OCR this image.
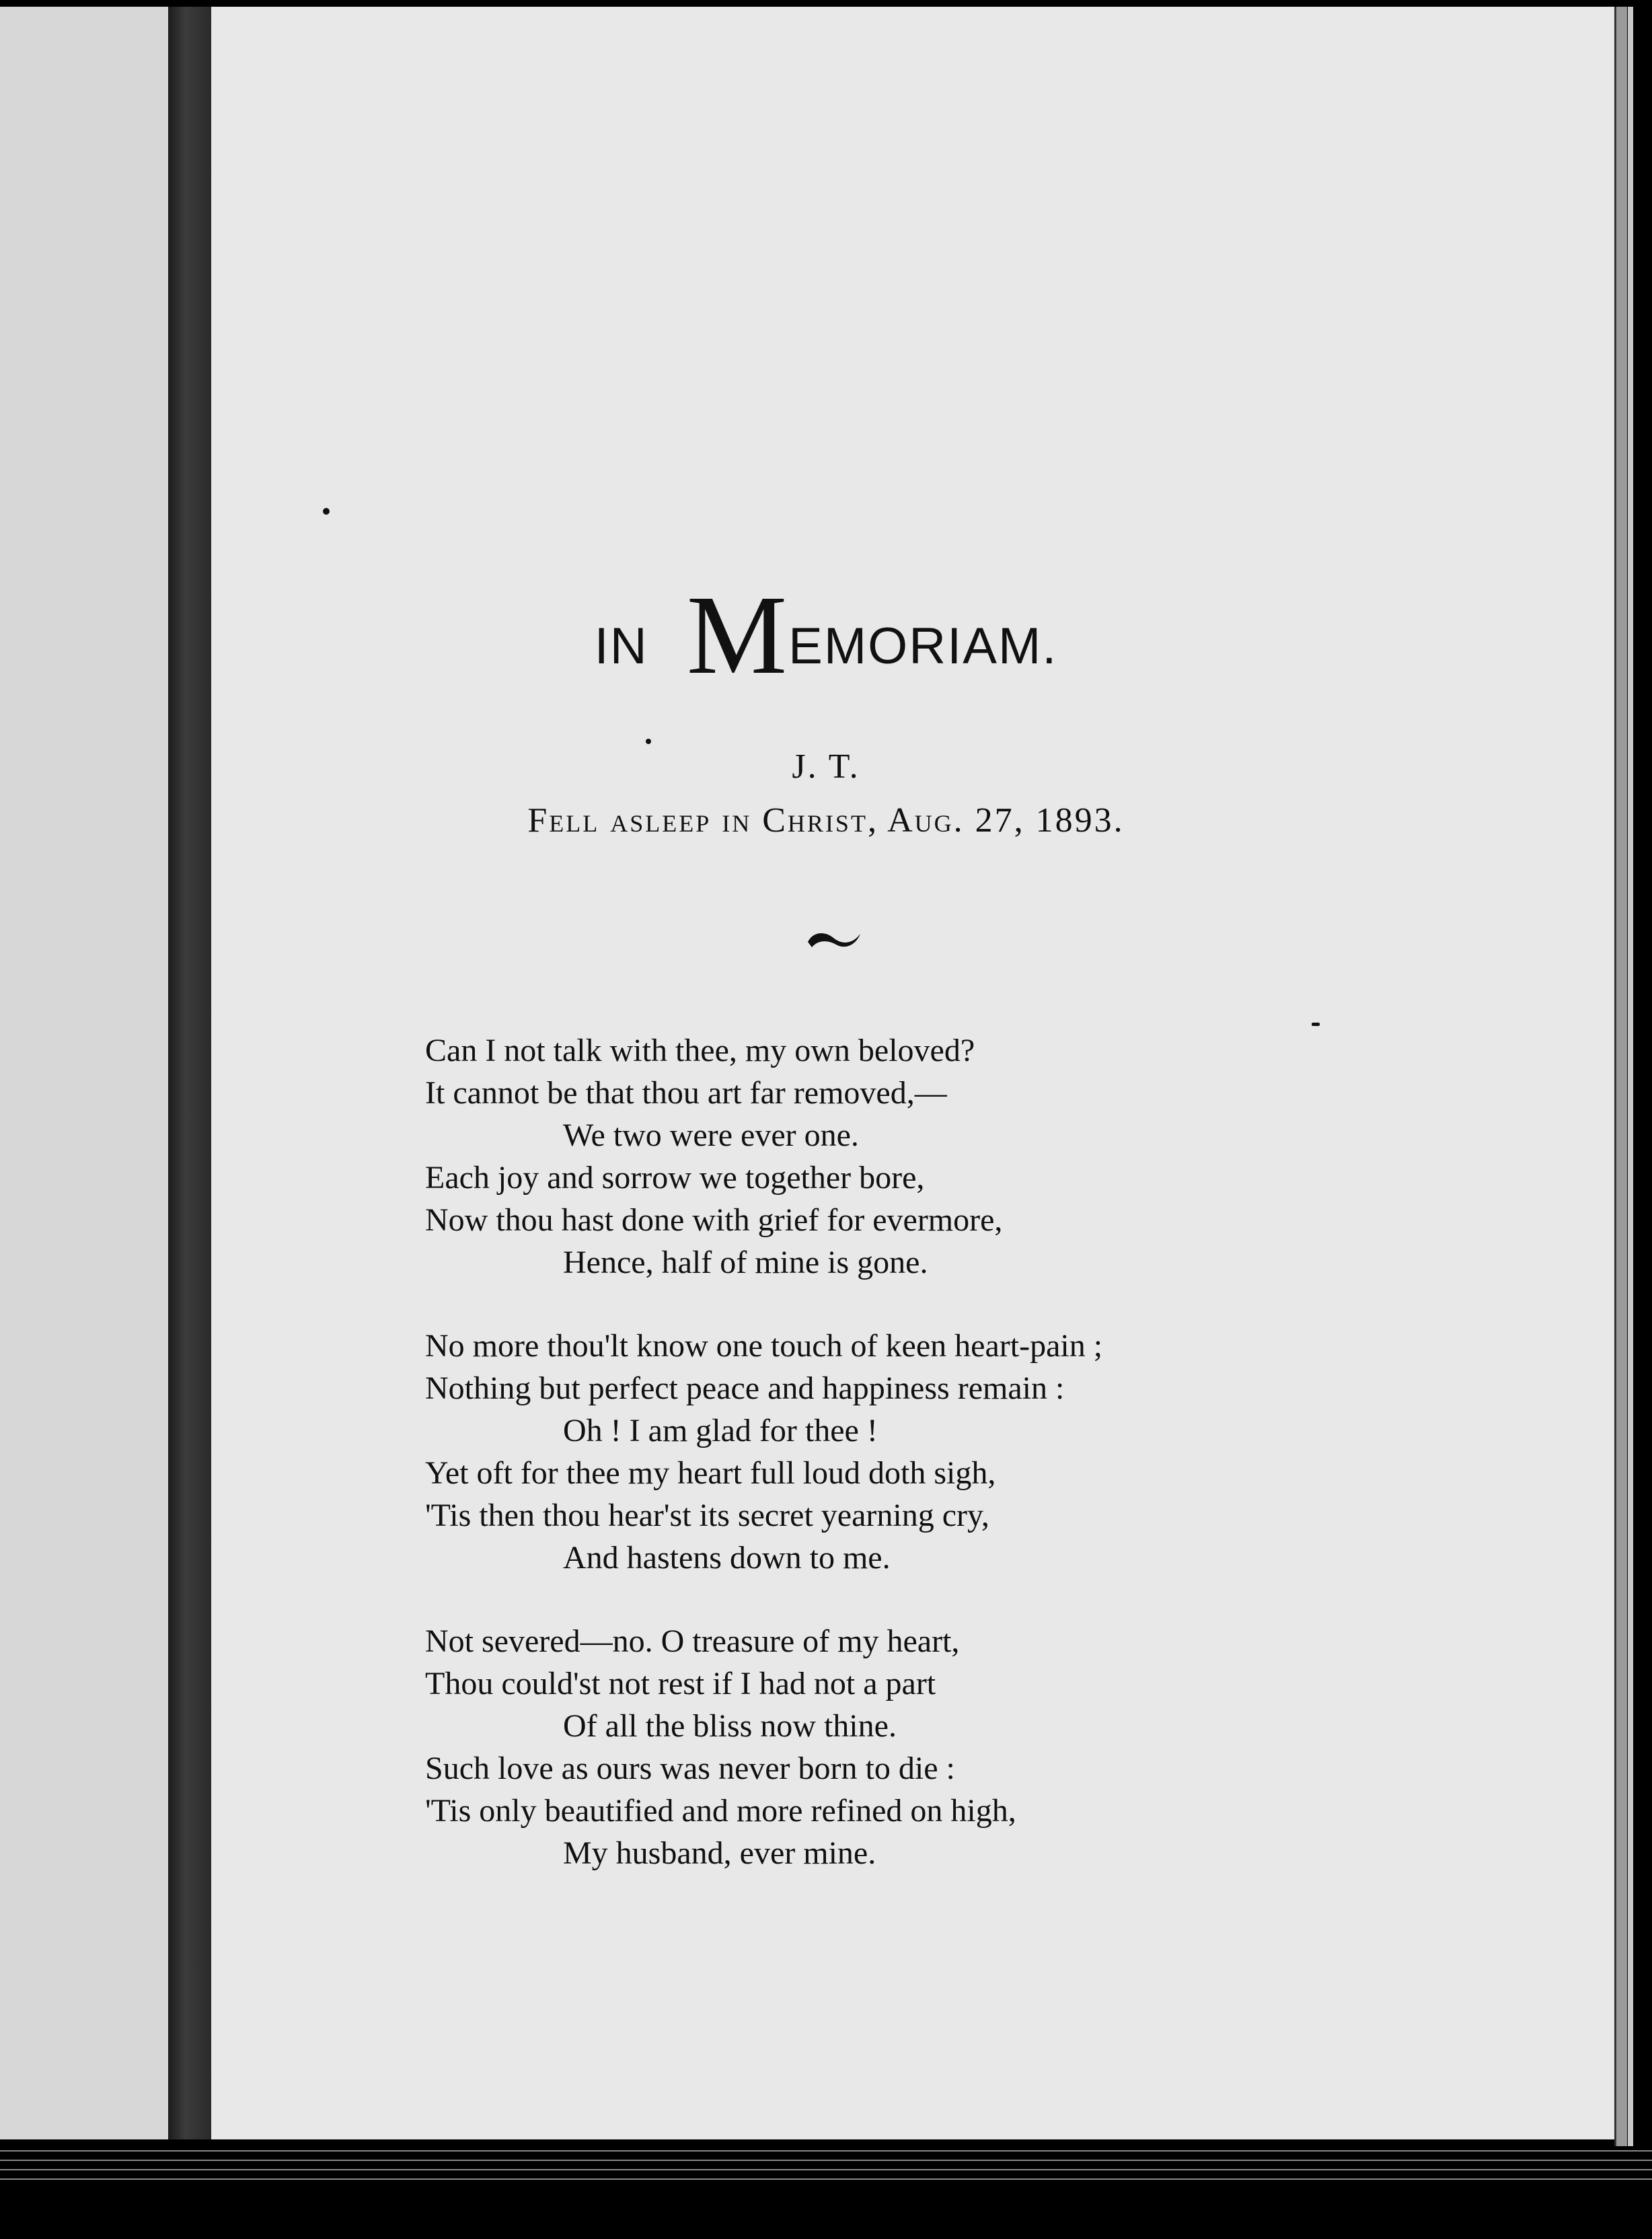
IN MEMORIAM.
J. T.
Fell asleep in Christ, Aug. 27, 1893.
Can I not talk with thee, my own beloved?
It cannot be that thou art far removed,—
We two were ever one.
Each joy and sorrow we together bore,
Now thou hast done with grief for evermore,
Hence, half of mine is gone.
No more thou'lt know one touch of keen heart-pain ;
Nothing but perfect peace and happiness remain :
Oh ! I am glad for thee !
Yet oft for thee my heart full loud doth sigh,
'Tis then thou hear'st its secret yearning cry,
And hastens down to me.
Not severed—no. O treasure of my heart,
Thou could'st not rest if I had not a part
Of all the bliss now thine.
Such love as ours was never born to die :
'Tis only beautified and more refined on high,
My husband, ever mine.
